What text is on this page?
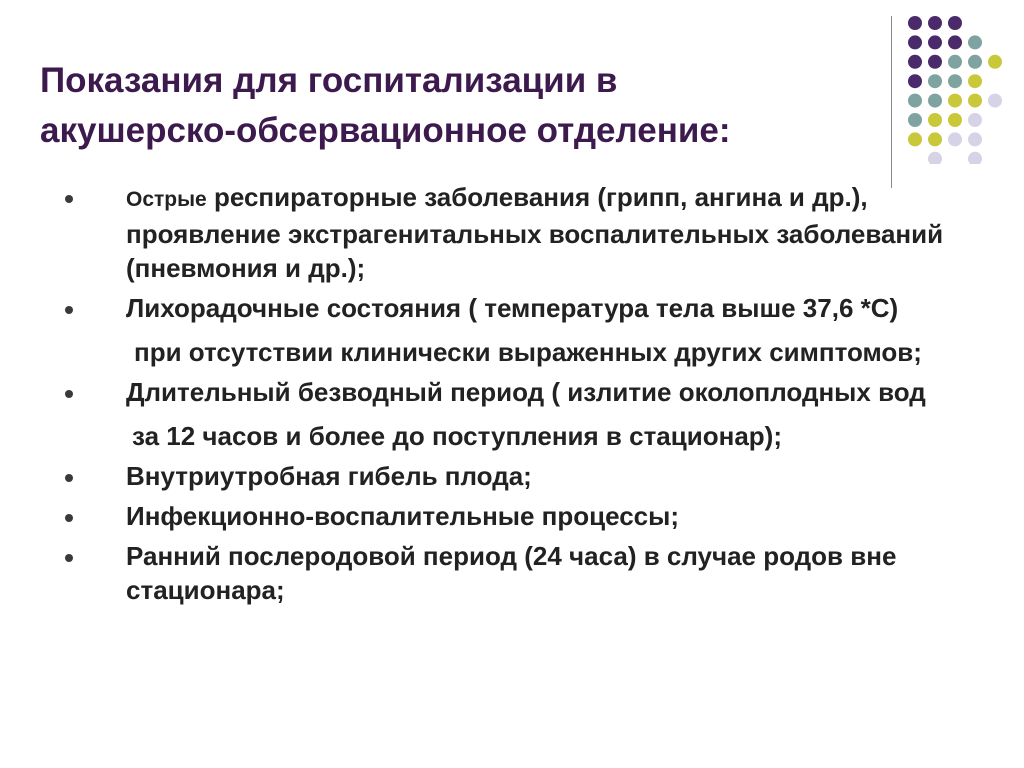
Показания для госпитализации в
акушерско-обсервационное отделение:
Острые респираторные заболевания (грипп, ангина и др.), проявление экстрагенитальных воспалительных заболеваний (пневмония и др.);
Лихорадочные состояния ( температура тела выше 37,6 *С)
при отсутствии клинически выраженных других симптомов;
Длительный безводный период ( излитие околоплодных вод
за 12 часов и более до поступления в стационар);
Внутриутробная гибель плода;
Инфекционно-воспалительные процессы;
Ранний послеродовой период (24 часа) в случае родов вне стационара;
